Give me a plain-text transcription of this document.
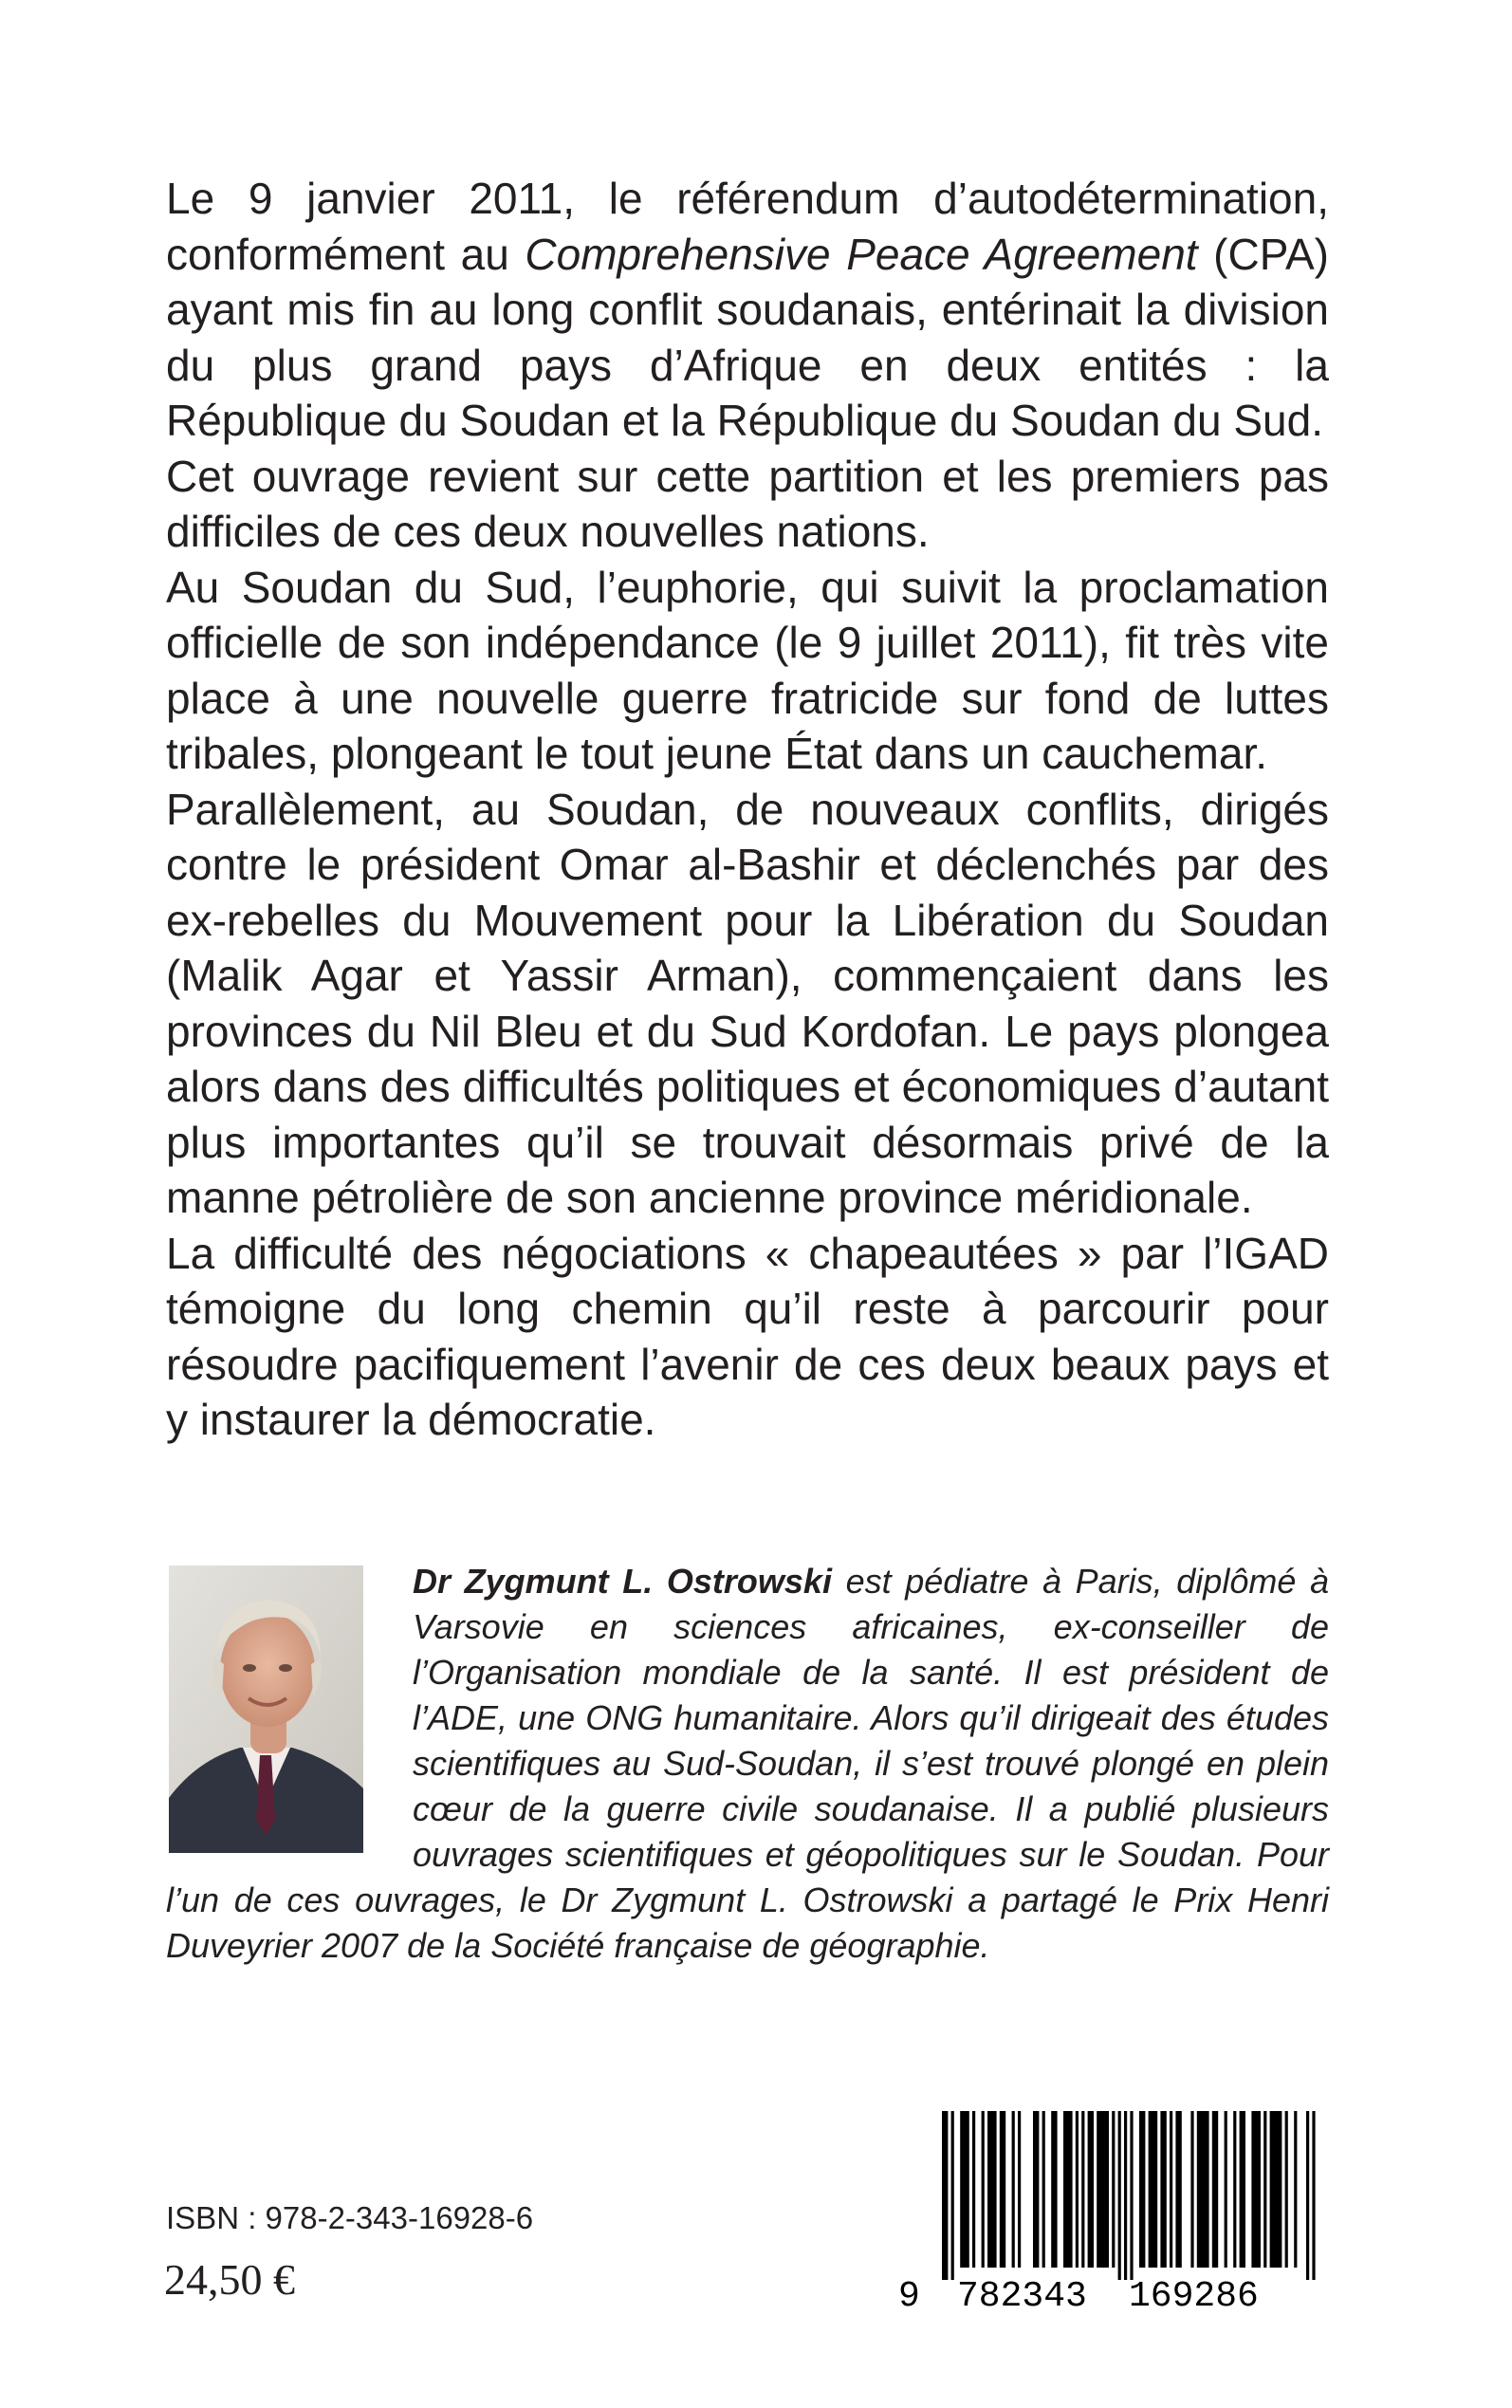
Le 9 janvier 2011, le référendum d’autodétermination, conformément au Comprehensive Peace Agreement (CPA) ayant mis fin au long conflit soudanais, entérinait la division du plus grand pays d’Afrique en deux entités : la République du Soudan et la République du Soudan du Sud.

Cet ouvrage revient sur cette partition et les premiers pas difficiles de ces deux nouvelles nations.

Au Soudan du Sud, l’euphorie, qui suivit la proclamation officielle de son indépendance (le 9 juillet 2011), fit très vite place à une nouvelle guerre fratricide sur fond de luttes tribales, plongeant le tout jeune État dans un cauchemar.

Parallèlement, au Soudan, de nouveaux conflits, dirigés contre le président Omar al-Bashir et déclenchés par des ex-rebelles du Mouvement pour la Libération du Soudan (Malik Agar et Yassir Arman), commençaient dans les provinces du Nil Bleu et du Sud Kordofan. Le pays plongea alors dans des difficultés politiques et économiques d’autant plus importantes qu’il se trouvait désormais privé de la manne pétrolière de son ancienne province méridionale.

La difficulté des négociations « chapeautées » par l’IGAD témoigne du long chemin qu’il reste à parcourir pour résoudre pacifiquement l’avenir de ces deux beaux pays et y instaurer la démocratie.

Dr Zygmunt L. Ostrowski est pédiatre à Paris, diplômé à Varsovie en sciences africaines, ex-conseiller de l’Organisation mondiale de la santé. Il est président de l’ADE, une ONG humanitaire. Alors qu’il dirigeait des études scientifiques au Sud-Soudan, il s’est trouvé plongé en plein cœur de la guerre civile soudanaise. Il a publié plusieurs ouvrages scientifiques et géopolitiques sur le Soudan. Pour l’un de ces ouvrages, le Dr Zygmunt L. Ostrowski a partagé le Prix Henri Duveyrier 2007 de la Société française de géographie.
ISBN : 978-2-343-16928-6
24,50 €	9 782343 169286
